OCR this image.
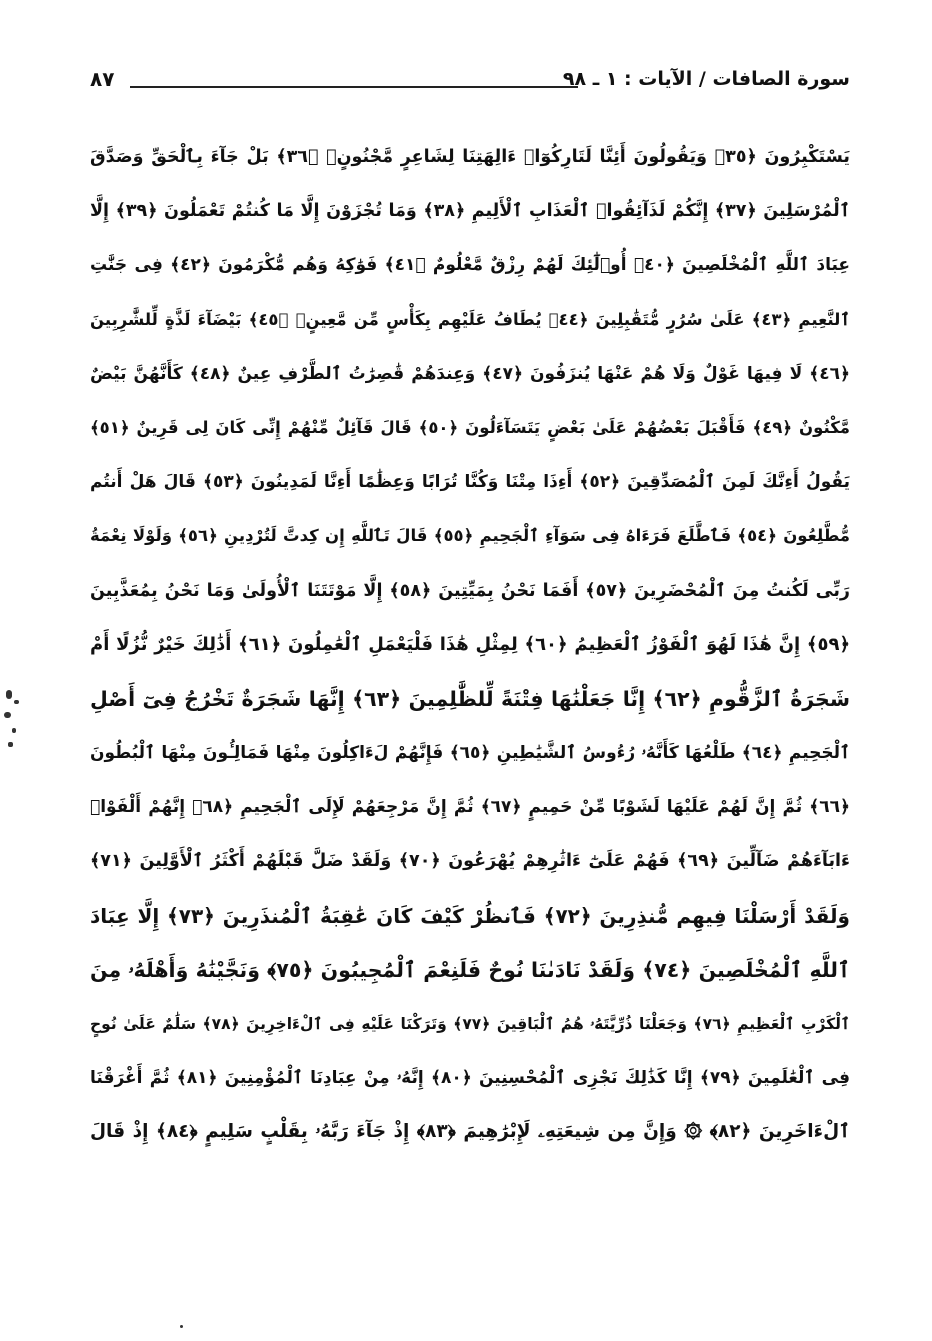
سورة الصافات / الآيات : ١ ـ ٩٨
٨٧
يَسْتَكْبِرُونَ ﴿٣٥﴾ وَيَقُولُونَ أَئِنَّا لَتَارِكُوٓا۟ ءَالِهَتِنَا لِشَاعِرٍ مَّجْنُونٍۭ ﴿٣٦﴾ بَلْ جَآءَ بِٱلْحَقِّ وَصَدَّقَ
ٱلْمُرْسَلِينَ ﴿٣٧﴾ إِنَّكُمْ لَذَآئِقُوا۟ ٱلْعَذَابِ ٱلْأَلِيمِ ﴿٣٨﴾ وَمَا تُجْزَوْنَ إِلَّا مَا كُنتُمْ تَعْمَلُونَ ﴿٣٩﴾ إِلَّا
عِبَادَ ٱللَّهِ ٱلْمُخْلَصِينَ ﴿٤٠﴾ أُو۟لَٰٓئِكَ لَهُمْ رِزْقٌ مَّعْلُومٌ ﴿٤١﴾ فَوَٰكِهُ وَهُم مُّكْرَمُونَ ﴿٤٢﴾ فِى جَنَّٰتِ
ٱلنَّعِيمِ ﴿٤٣﴾ عَلَىٰ سُرُرٍ مُّتَقَٰبِلِينَ ﴿٤٤﴾ يُطَافُ عَلَيْهِم بِكَأْسٍ مِّن مَّعِينٍۭ ﴿٤٥﴾ بَيْضَآءَ لَذَّةٍ لِّلشَّٰرِبِينَ
﴿٤٦﴾ لَا فِيهَا غَوْلٌ وَلَا هُمْ عَنْهَا يُنزَفُونَ ﴿٤٧﴾ وَعِندَهُمْ قَٰصِرَٰتُ ٱلطَّرْفِ عِينٌ ﴿٤٨﴾ كَأَنَّهُنَّ بَيْضٌ
مَّكْنُونٌ ﴿٤٩﴾ فَأَقْبَلَ بَعْضُهُمْ عَلَىٰ بَعْضٍ يَتَسَآءَلُونَ ﴿٥٠﴾ قَالَ قَآئِلٌ مِّنْهُمْ إِنِّى كَانَ لِى قَرِينٌ ﴿٥١﴾
يَقُولُ أَءِنَّكَ لَمِنَ ٱلْمُصَدِّقِينَ ﴿٥٢﴾ أَءِذَا مِتْنَا وَكُنَّا تُرَابًا وَعِظَٰمًا أَءِنَّا لَمَدِينُونَ ﴿٥٣﴾ قَالَ هَلْ أَنتُم
مُّطَّلِعُونَ ﴿٥٤﴾ فَٱطَّلَعَ فَرَءَاهُ فِى سَوَآءِ ٱلْجَحِيمِ ﴿٥٥﴾ قَالَ تَٱللَّهِ إِن كِدتَّ لَتُرْدِينِ ﴿٥٦﴾ وَلَوْلَا نِعْمَةُ
رَبِّى لَكُنتُ مِنَ ٱلْمُحْضَرِينَ ﴿٥٧﴾ أَفَمَا نَحْنُ بِمَيِّتِينَ ﴿٥٨﴾ إِلَّا مَوْتَتَنَا ٱلْأُولَىٰ وَمَا نَحْنُ بِمُعَذَّبِينَ
﴿٥٩﴾ إِنَّ هَٰذَا لَهُوَ ٱلْفَوْزُ ٱلْعَظِيمُ ﴿٦٠﴾ لِمِثْلِ هَٰذَا فَلْيَعْمَلِ ٱلْعَٰمِلُونَ ﴿٦١﴾ أَذَٰلِكَ خَيْرٌ نُّزُلًا أَمْ
شَجَرَةُ ٱلزَّقُّومِ ﴿٦٢﴾ إِنَّا جَعَلْنَٰهَا فِتْنَةً لِّلظَّٰلِمِينَ ﴿٦٣﴾ إِنَّهَا شَجَرَةٌ تَخْرُجُ فِىٓ أَصْلِ
ٱلْجَحِيمِ ﴿٦٤﴾ طَلْعُهَا كَأَنَّهُۥ رُءُوسُ ٱلشَّيَٰطِينِ ﴿٦٥﴾ فَإِنَّهُمْ لَءَاكِلُونَ مِنْهَا فَمَالِـُٔونَ مِنْهَا ٱلْبُطُونَ
﴿٦٦﴾ ثُمَّ إِنَّ لَهُمْ عَلَيْهَا لَشَوْبًا مِّنْ حَمِيمٍ ﴿٦٧﴾ ثُمَّ إِنَّ مَرْجِعَهُمْ لَإِلَى ٱلْجَحِيمِ ﴿٦٨﴾ إِنَّهُمْ أَلْفَوْا۟
ءَابَآءَهُمْ ضَآلِّينَ ﴿٦٩﴾ فَهُمْ عَلَىٰٓ ءَاثَٰرِهِمْ يُهْرَعُونَ ﴿٧٠﴾ وَلَقَدْ ضَلَّ قَبْلَهُمْ أَكْثَرُ ٱلْأَوَّلِينَ ﴿٧١﴾
وَلَقَدْ أَرْسَلْنَا فِيهِم مُّنذِرِينَ ﴿٧٢﴾ فَٱنظُرْ كَيْفَ كَانَ عَٰقِبَةُ ٱلْمُنذَرِينَ ﴿٧٣﴾ إِلَّا عِبَادَ
ٱللَّهِ ٱلْمُخْلَصِينَ ﴿٧٤﴾ وَلَقَدْ نَادَىٰنَا نُوحٌ فَلَنِعْمَ ٱلْمُجِيبُونَ ﴿٧٥﴾ وَنَجَّيْنَٰهُ وَأَهْلَهُۥ مِنَ
ٱلْكَرْبِ ٱلْعَظِيمِ ﴿٧٦﴾ وَجَعَلْنَا ذُرِّيَّتَهُۥ هُمُ ٱلْبَاقِينَ ﴿٧٧﴾ وَتَرَكْنَا عَلَيْهِ فِى ٱلْءَاخِرِينَ ﴿٧٨﴾ سَلَٰمٌ عَلَىٰ نُوحٍ
فِى ٱلْعَٰلَمِينَ ﴿٧٩﴾ إِنَّا كَذَٰلِكَ نَجْزِى ٱلْمُحْسِنِينَ ﴿٨٠﴾ إِنَّهُۥ مِنْ عِبَادِنَا ٱلْمُؤْمِنِينَ ﴿٨١﴾ ثُمَّ أَغْرَقْنَا
ٱلْءَاخَرِينَ ﴿٨٢﴾ ۞ وَإِنَّ مِن شِيعَتِهِۦ لَإِبْرَٰهِيمَ ﴿٨٣﴾ إِذْ جَآءَ رَبَّهُۥ بِقَلْبٍ سَلِيمٍ ﴿٨٤﴾ إِذْ قَالَ
